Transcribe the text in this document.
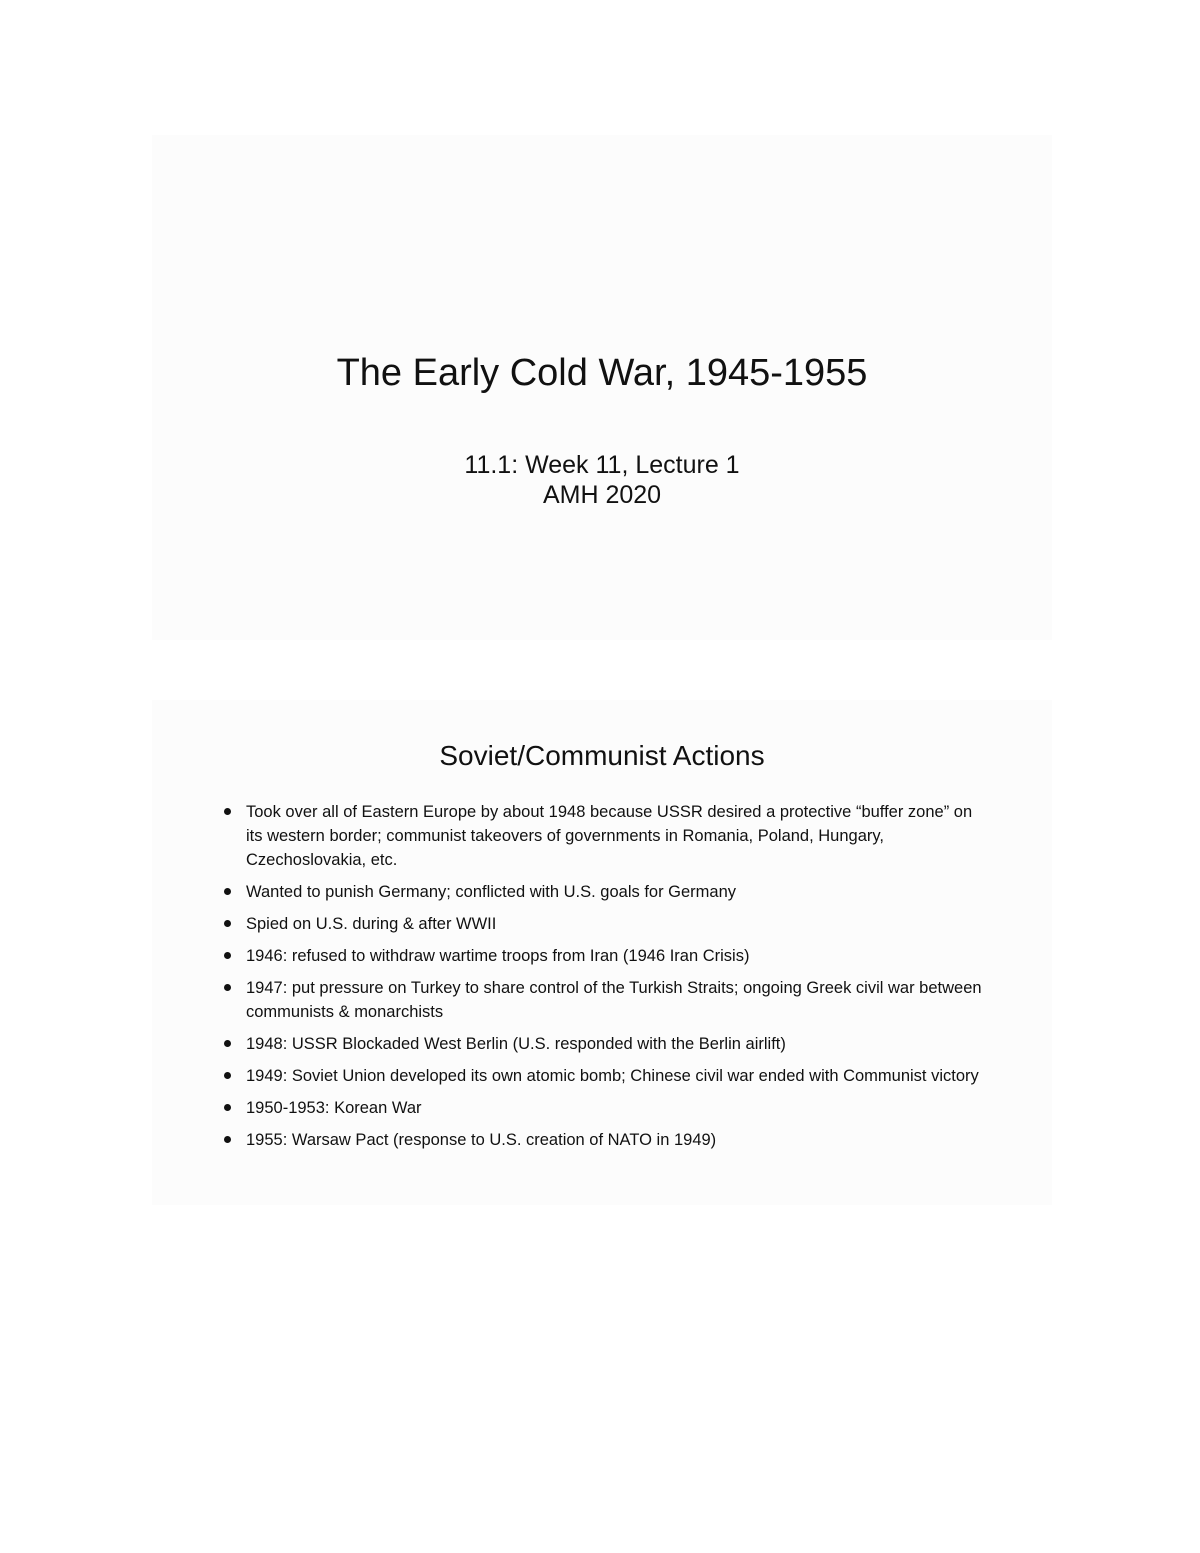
The Early Cold War, 1945-1955
11.1: Week 11, Lecture 1
AMH 2020
Soviet/Communist Actions
Took over all of Eastern Europe by about 1948 because USSR desired a protective “buffer zone” on its western border; communist takeovers of governments in Romania, Poland, Hungary, Czechoslovakia, etc.
Wanted to punish Germany; conflicted with U.S. goals for Germany
Spied on U.S. during & after WWII
1946: refused to withdraw wartime troops from Iran (1946 Iran Crisis)
1947: put pressure on Turkey to share control of the Turkish Straits; ongoing Greek civil war between communists & monarchists
1948: USSR Blockaded West Berlin (U.S. responded with the Berlin airlift)
1949: Soviet Union developed its own atomic bomb; Chinese civil war ended with Communist victory
1950-1953: Korean War
1955: Warsaw Pact (response to U.S. creation of NATO in 1949)
